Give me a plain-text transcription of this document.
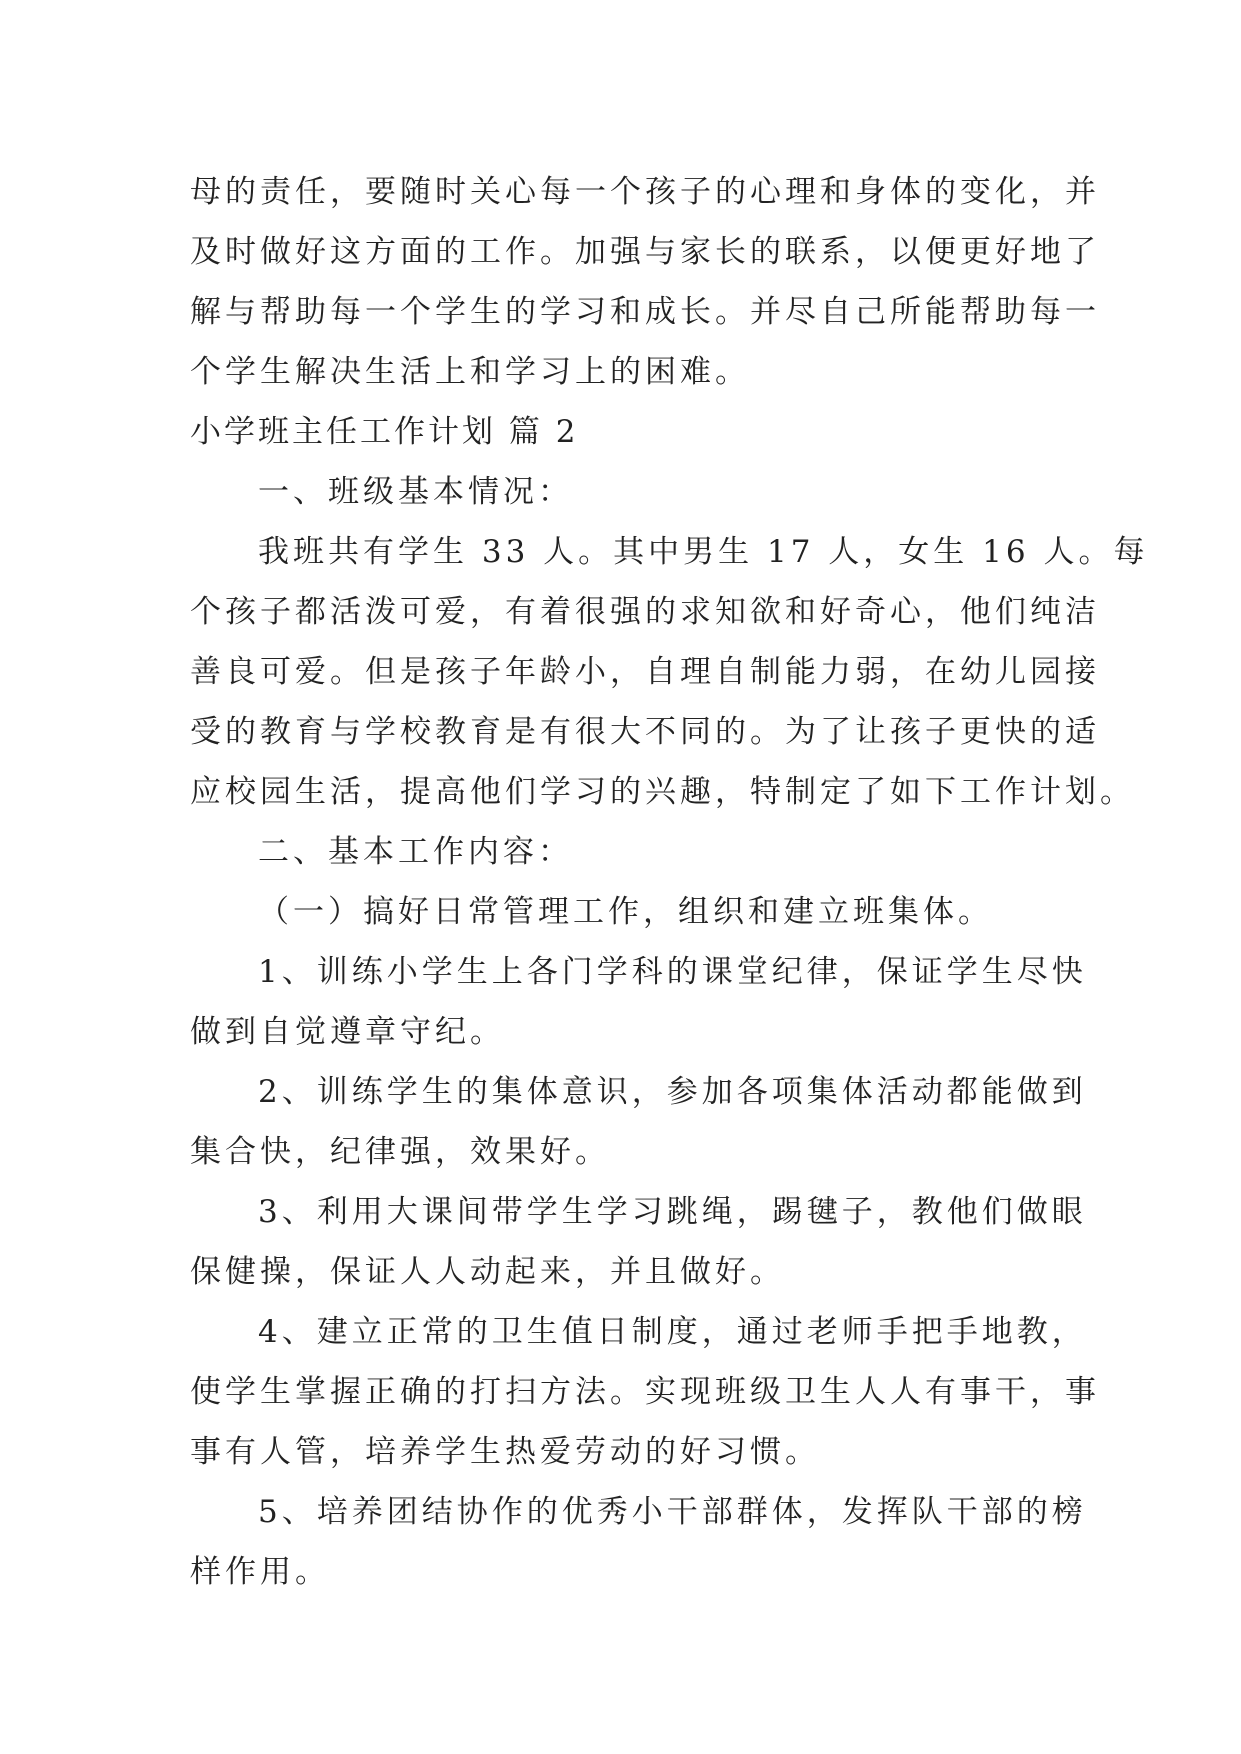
母的责任，要随时关心每一个孩子的心理和身体的变化，并
及时做好这方面的工作。加强与家长的联系，以便更好地了
解与帮助每一个学生的学习和成长。并尽自己所能帮助每一
个学生解决生活上和学习上的困难。
小学班主任工作计划 篇 2
一、班级基本情况：
我班共有学生 33 人。其中男生 17 人，女生 16 人。每
个孩子都活泼可爱，有着很强的求知欲和好奇心，他们纯洁
善良可爱。但是孩子年龄小，自理自制能力弱，在幼儿园接
受的教育与学校教育是有很大不同的。为了让孩子更快的适
应校园生活，提高他们学习的兴趣，特制定了如下工作计划。
二、基本工作内容：
（一）搞好日常管理工作，组织和建立班集体。
1、训练小学生上各门学科的课堂纪律，保证学生尽快
做到自觉遵章守纪。
2、训练学生的集体意识，参加各项集体活动都能做到
集合快，纪律强，效果好。
3、利用大课间带学生学习跳绳，踢毽子，教他们做眼
保健操，保证人人动起来，并且做好。
4、建立正常的卫生值日制度，通过老师手把手地教，
使学生掌握正确的打扫方法。实现班级卫生人人有事干，事
事有人管，培养学生热爱劳动的好习惯。
5、培养团结协作的优秀小干部群体，发挥队干部的榜
样作用。
